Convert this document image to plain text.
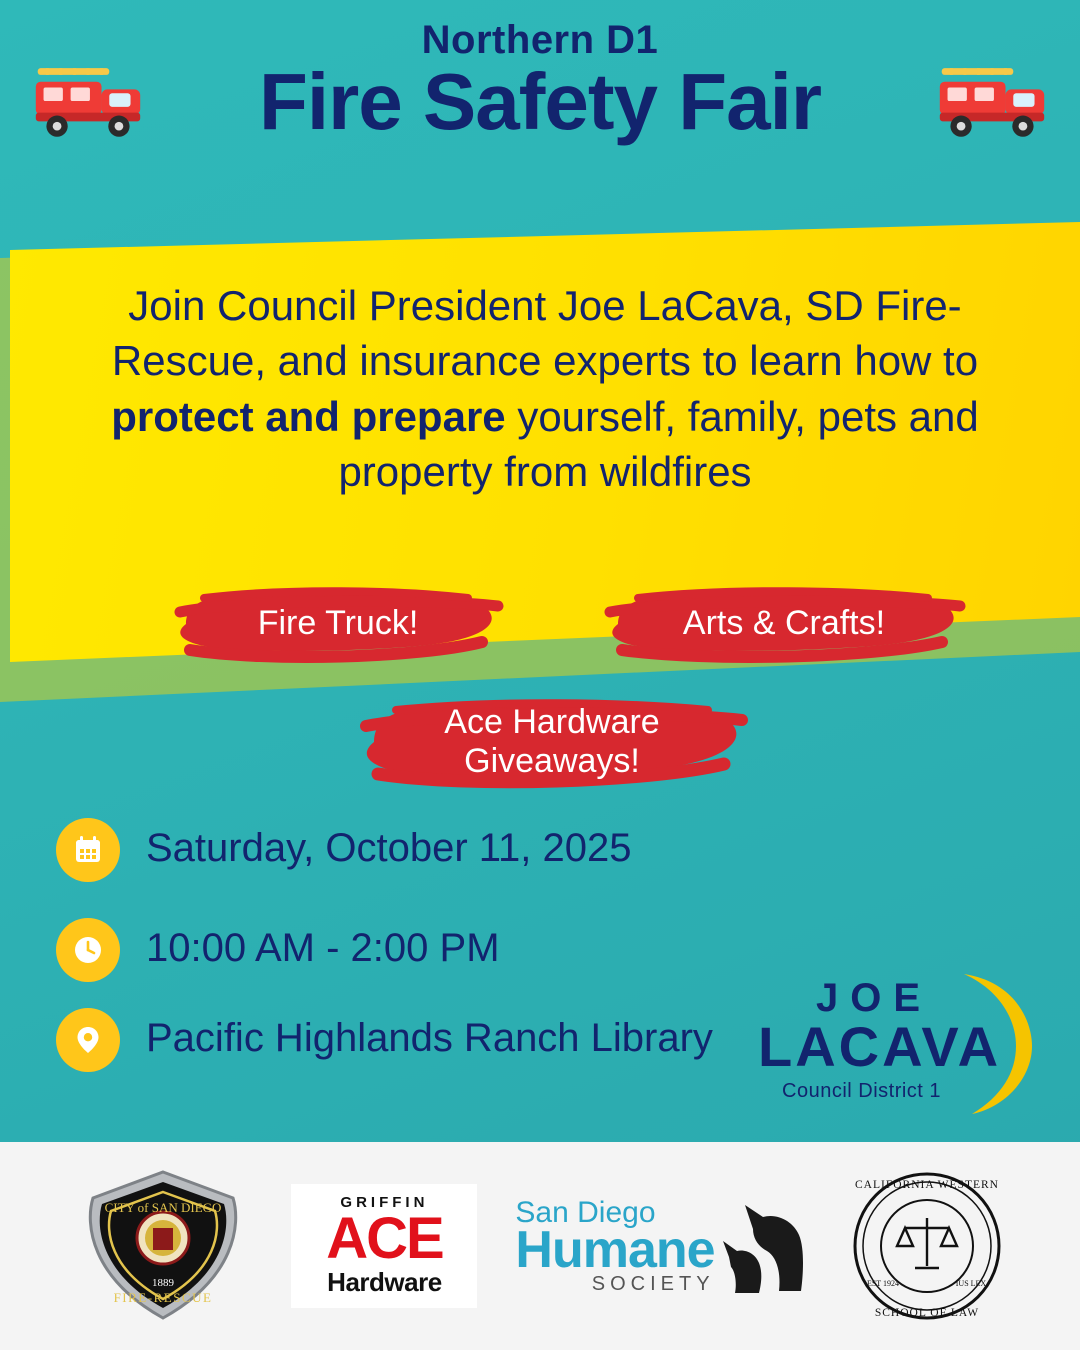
Northern D1
Fire Safety Fair
Join Council President Joe LaCava, SD Fire-Rescue, and insurance experts to learn how to protect and prepare yourself, family, pets and property from wildfires
Fire Truck!	Arts & Crafts!
Ace Hardware Giveaways!
Saturday, October 11, 2025
10:00 AM - 2:00 PM
Pacific Highlands Ranch Library
JOE
LACAVA
Council District 1
CITY of SAN DIEGO
1889
FIRE-RESCUE
GRIFFIN
ACE
Hardware
San Diego
Humane
SOCIETY
CALIFORNIA WESTERN
SCHOOL OF LAW
EST 1924	IUS LEX
